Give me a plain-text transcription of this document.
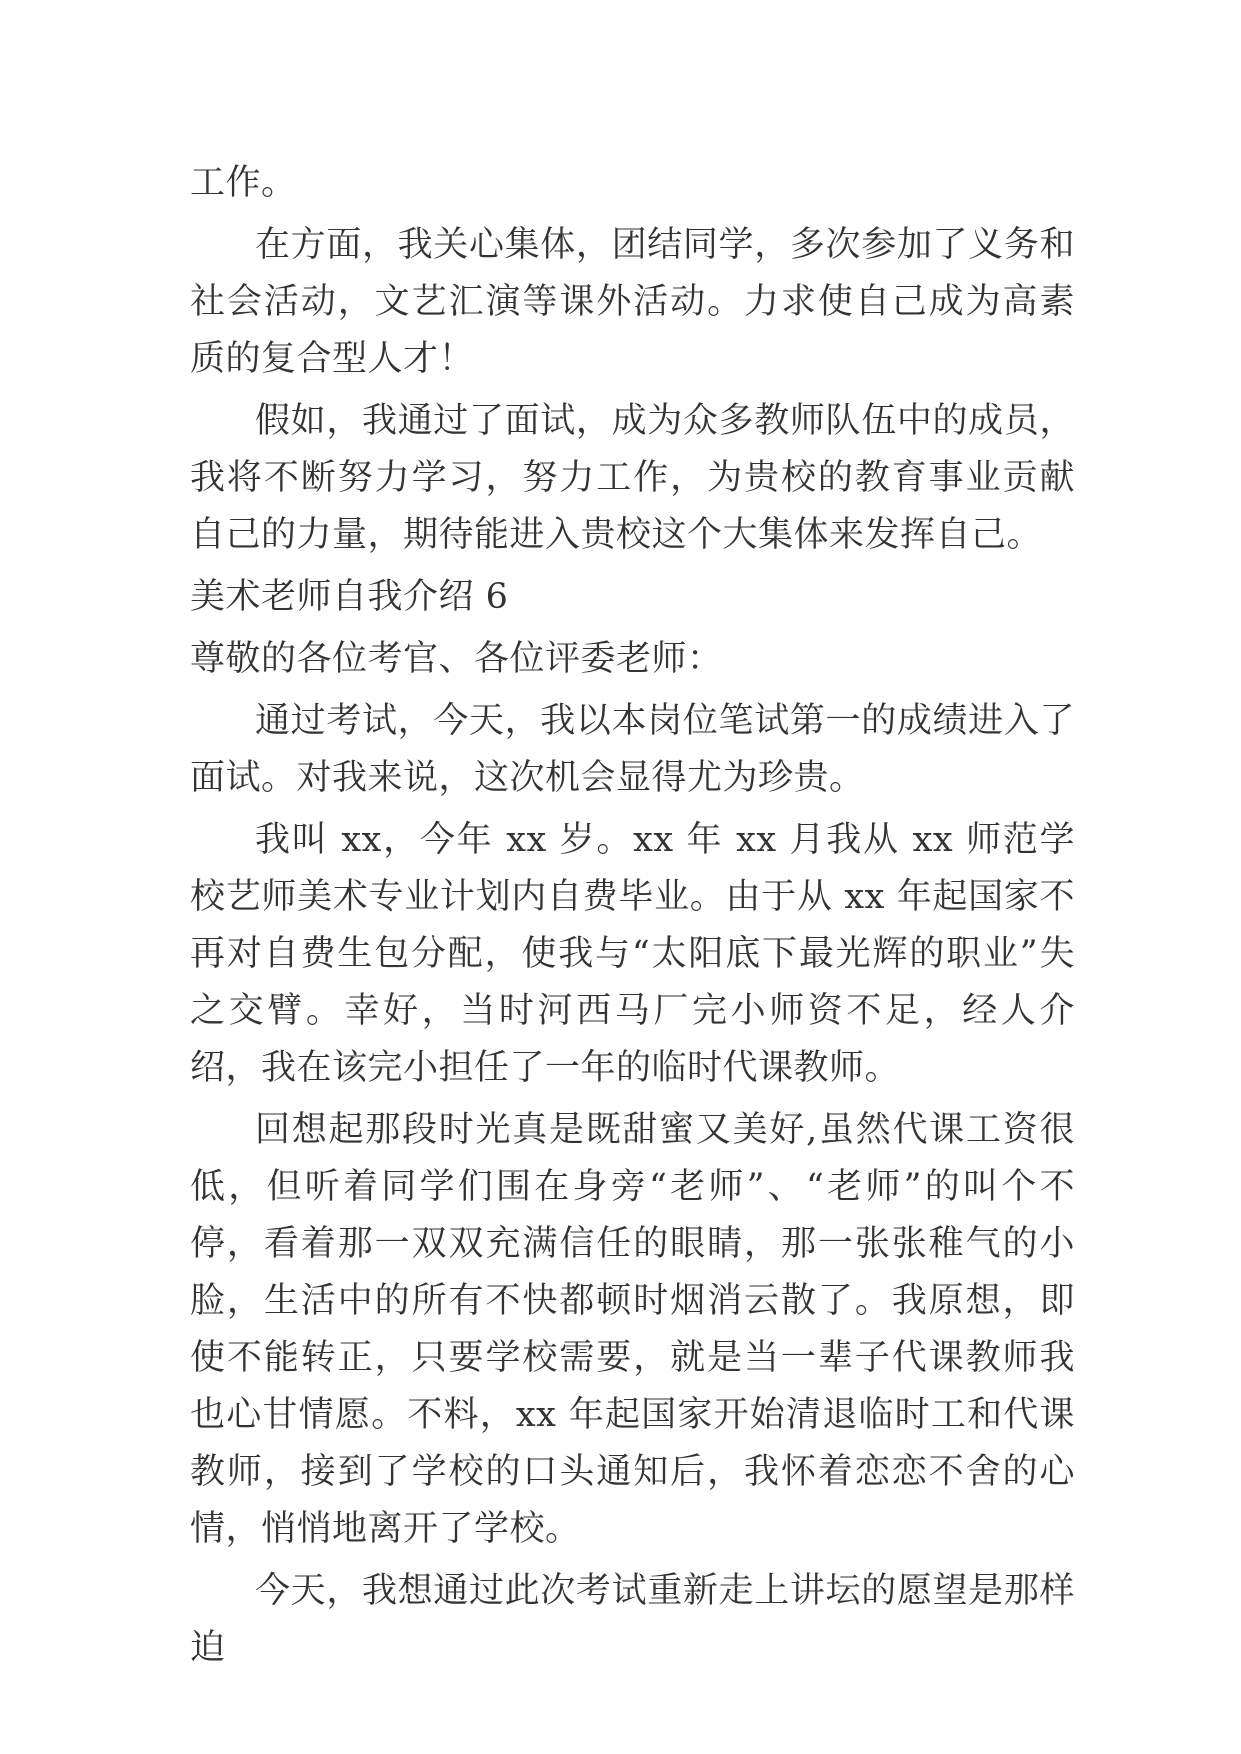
工作。

在方面，我关心集体，团结同学，多次参加了义务和社会活动，文艺汇演等课外活动。力求使自己成为高素质的复合型人才！

假如，我通过了面试，成为众多教师队伍中的成员，我将不断努力学习，努力工作，为贵校的教育事业贡献自己的力量，期待能进入贵校这个大集体来发挥自己。

美术老师自我介绍 6

尊敬的各位考官、各位评委老师：

通过考试，今天，我以本岗位笔试第一的成绩进入了面试。对我来说，这次机会显得尤为珍贵。

我叫 xx，今年 xx 岁。xx 年 xx 月我从 xx 师范学校艺师美术专业计划内自费毕业。由于从 xx 年起国家不再对自费生包分配，使我与“太阳底下最光辉的职业”失之交臂。幸好，当时河西马厂完小师资不足，经人介绍，我在该完小担任了一年的临时代课教师。

回想起那段时光真是既甜蜜又美好,虽然代课工资很低，但听着同学们围在身旁“老师”、“老师”的叫个不停，看着那一双双充满信任的眼睛，那一张张稚气的小脸，生活中的所有不快都顿时烟消云散了。我原想，即使不能转正，只要学校需要，就是当一辈子代课教师我也心甘情愿。不料，xx 年起国家开始清退临时工和代课教师，接到了学校的口头通知后，我怀着恋恋不舍的心情，悄悄地离开了学校。

今天，我想通过此次考试重新走上讲坛的愿望是那样迫
